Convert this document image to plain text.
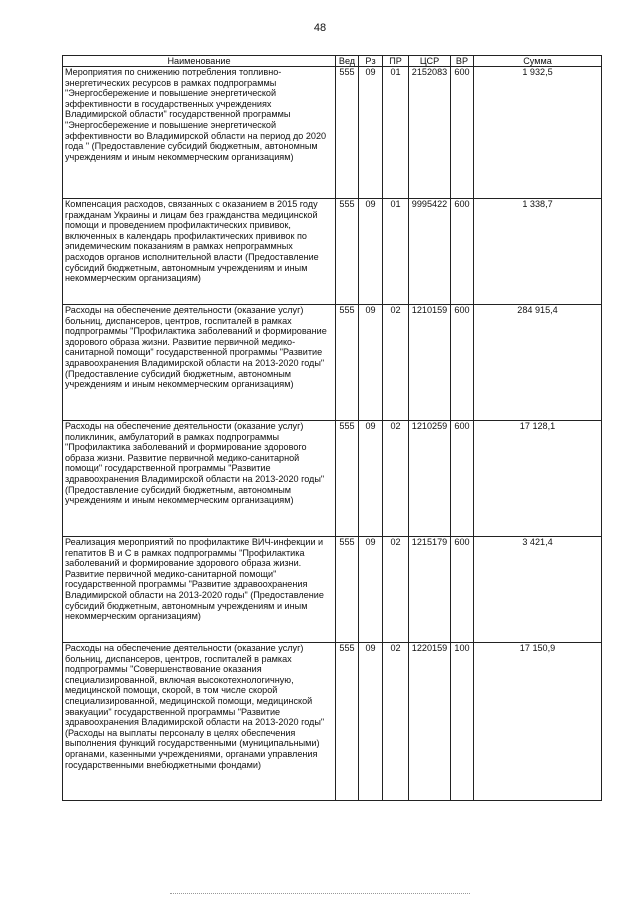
48
Наименование	Вед	Рз	ПР	ЦСР	ВР	Сумма
Мероприятия по снижению потребления топливно-энергетических ресурсов в рамках подпрограммы "Энергосбережение и повышение энергетической эффективности в государственных учреждениях Владимирской области" государственной программы "Энергосбережение и повышение энергетической эффективности во Владимирской области на период до 2020 года " (Предоставление субсидий бюджетным, автономным учреждениям и иным некоммерческим организациям)	555	09	01	2152083	600	1 932,5
Компенсация расходов, связанных с оказанием в 2015 году гражданам Украины и лицам без гражданства медицинской помощи и проведением профилактических прививок, включенных в календарь профилактических прививок по эпидемическим показаниям в рамках непрограммных расходов органов исполнительной власти (Предоставление субсидий бюджетным, автономным учреждениям и иным некоммерческим организациям)	555	09	01	9995422	600	1 338,7
Расходы на обеспечение деятельности (оказание услуг) больниц, диспансеров, центров, госпиталей в рамках подпрограммы "Профилактика заболеваний и формирование здорового образа жизни. Развитие первичной медико-санитарной помощи" государственной программы "Развитие здравоохранения Владимирской области на 2013-2020 годы" (Предоставление субсидий бюджетным, автономным учреждениям и иным некоммерческим организациям)	555	09	02	1210159	600	284 915,4
Расходы на обеспечение деятельности (оказание услуг) поликлиник, амбулаторий в рамках подпрограммы "Профилактика заболеваний и формирование здорового образа жизни. Развитие первичной медико-санитарной помощи" государственной программы "Развитие здравоохранения Владимирской области на 2013-2020 годы" (Предоставление субсидий бюджетным, автономным учреждениям и иным некоммерческим организациям)	555	09	02	1210259	600	17 128,1
Реализация мероприятий по профилактике ВИЧ-инфекции и гепатитов В и С в рамках подпрограммы "Профилактика заболеваний и формирование здорового образа жизни. Развитие первичной медико-санитарной помощи" государственной программы "Развитие здравоохранения Владимирской области на 2013-2020 годы" (Предоставление субсидий бюджетным, автономным учреждениям и иным некоммерческим организациям)	555	09	02	1215179	600	3 421,4
Расходы на обеспечение деятельности (оказание услуг) больниц, диспансеров, центров, госпиталей в рамках подпрограммы "Совершенствование оказания специализированной, включая высокотехнологичную, медицинской помощи, скорой, в том числе скорой специализированной, медицинской помощи, медицинской эвакуации" государственной программы "Развитие здравоохранения Владимирской области на 2013-2020 годы" (Расходы на выплаты персоналу в целях обеспечения выполнения функций государственными (муниципальными) органами, казенными учреждениями, органами управления государственными внебюджетными фондами)	555	09	02	1220159	100	17 150,9
